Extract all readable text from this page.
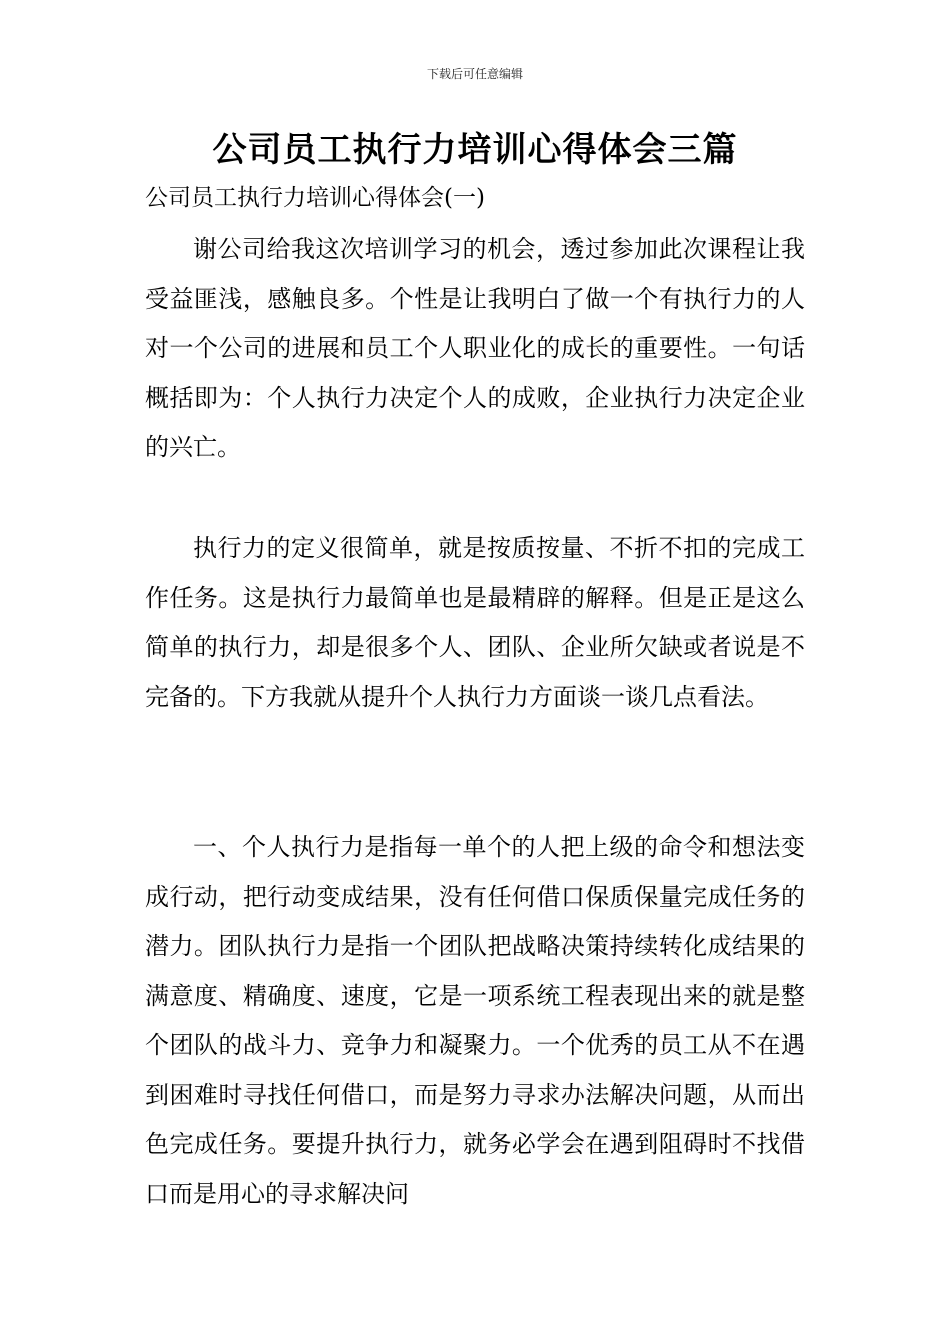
下载后可任意编辑
公司员工执行力培训心得体会三篇

公司员工执行力培训心得体会(一)

谢公司给我这次培训学习的机会，透过参加此次课程让我受益匪浅，感触良多。个性是让我明白了做一个有执行力的人对一个公司的进展和员工个人职业化的成长的重要性。一句话概括即为：个人执行力决定个人的成败，企业执行力决定企业的兴亡。

执行力的定义很简单，就是按质按量、不折不扣的完成工作任务。这是执行力最简单也是最精辟的解释。但是正是这么简单的执行力，却是很多个人、团队、企业所欠缺或者说是不完备的。下方我就从提升个人执行力方面谈一谈几点看法。

一、个人执行力是指每一单个的人把上级的命令和想法变成行动，把行动变成结果，没有任何借口保质保量完成任务的潜力。团队执行力是指一个团队把战略决策持续转化成结果的满意度、精确度、速度，它是一项系统工程表现出来的就是整个团队的战斗力、竞争力和凝聚力。一个优秀的员工从不在遇到困难时寻找任何借口，而是努力寻求办法解决问题，从而出色完成任务。要提升执行力，就务必学会在遇到阻碍时不找借口而是用心的寻求解决问
